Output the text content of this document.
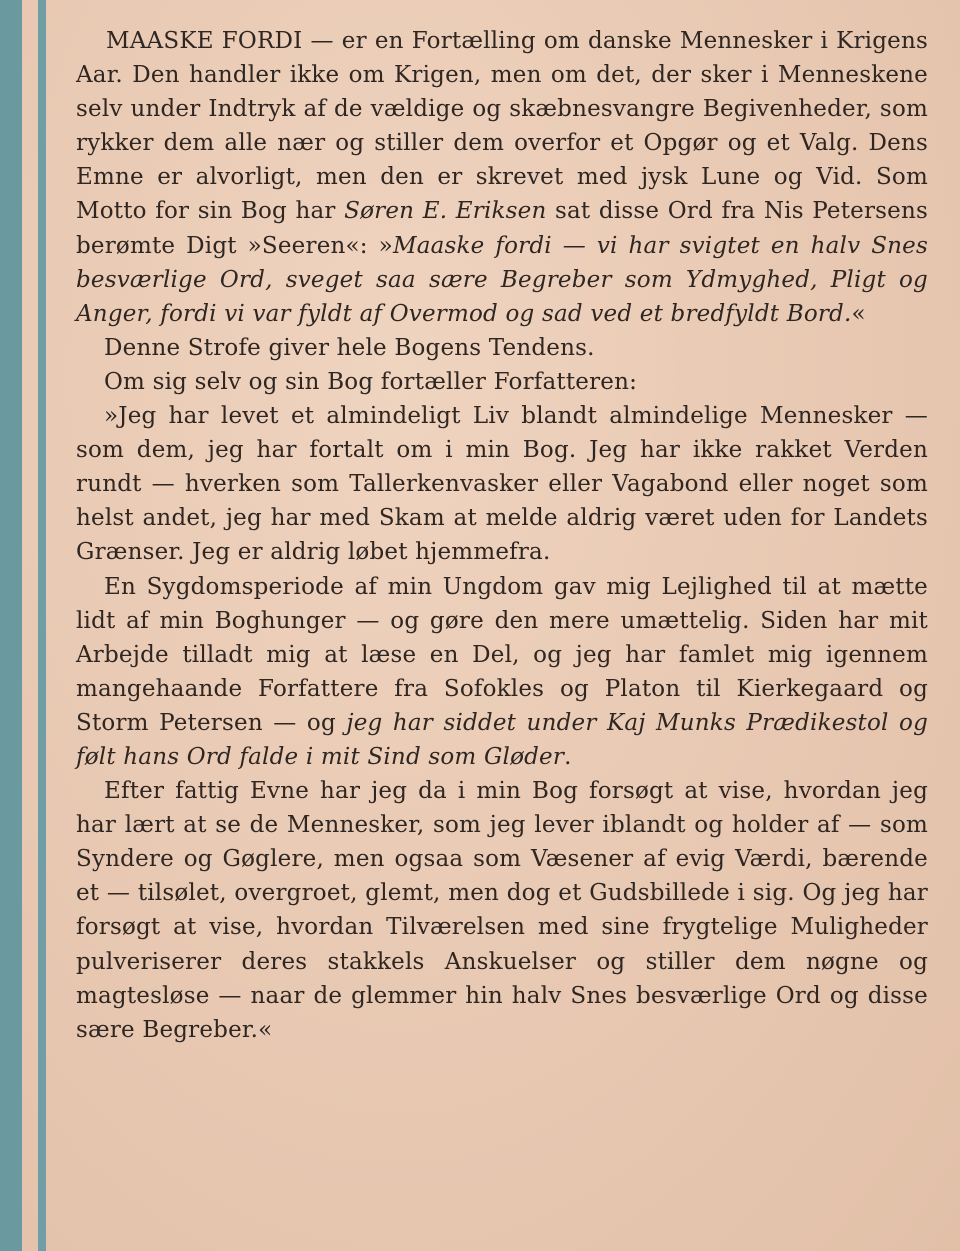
MAASKE FORDI — er en Fortælling om danske Mennesker i Krigens Aar. Den handler ikke om Krigen, men om det, der sker i Menneskene selv under Indtryk af de vældige og skæbnesvangre Begivenheder, som rykker dem alle nær og stiller dem overfor et Opgør og et Valg. Dens Emne er alvorligt, men den er skrevet med jysk Lune og Vid. Som Motto for sin Bog har Søren E. Eriksen sat disse Ord fra Nis Petersens berømte Digt »Seeren«: »Maaske fordi — vi har svigtet en halv Snes besværlige Ord, sveget saa sære Begreber som Ydmyghed, Pligt og Anger, fordi vi var fyldt af Overmod og sad ved et bredfyldt Bord.«

Denne Strofe giver hele Bogens Tendens.

Om sig selv og sin Bog fortæller Forfatteren:

»Jeg har levet et almindeligt Liv blandt almindelige Mennesker — som dem, jeg har fortalt om i min Bog. Jeg har ikke rakket Verden rundt — hverken som Tallerkenvasker eller Vagabond eller noget som helst andet, jeg har med Skam at melde aldrig været uden for Landets Grænser. Jeg er aldrig løbet hjemmefra.

En Sygdomsperiode af min Ungdom gav mig Lejlighed til at mætte lidt af min Boghunger — og gøre den mere umættelig. Siden har mit Arbejde tilladt mig at læse en Del, og jeg har famlet mig igennem mangehaande Forfattere fra Sofokles og Platon til Kierkegaard og Storm Petersen — og jeg har siddet under Kaj Munks Prædikestol og følt hans Ord falde i mit Sind som Gløder.

Efter fattig Evne har jeg da i min Bog forsøgt at vise, hvordan jeg har lært at se de Mennesker, som jeg lever iblandt og holder af — som Syndere og Gøglere, men ogsaa som Væsener af evig Værdi, bærende et — tilsølet, overgroet, glemt, men dog et Gudsbillede i sig. Og jeg har forsøgt at vise, hvordan Tilværelsen med sine frygtelige Muligheder pulveriserer deres stakkels Anskuelser og stiller dem nøgne og magtesløse — naar de glemmer hin halv Snes besværlige Ord og disse sære Begreber.«
